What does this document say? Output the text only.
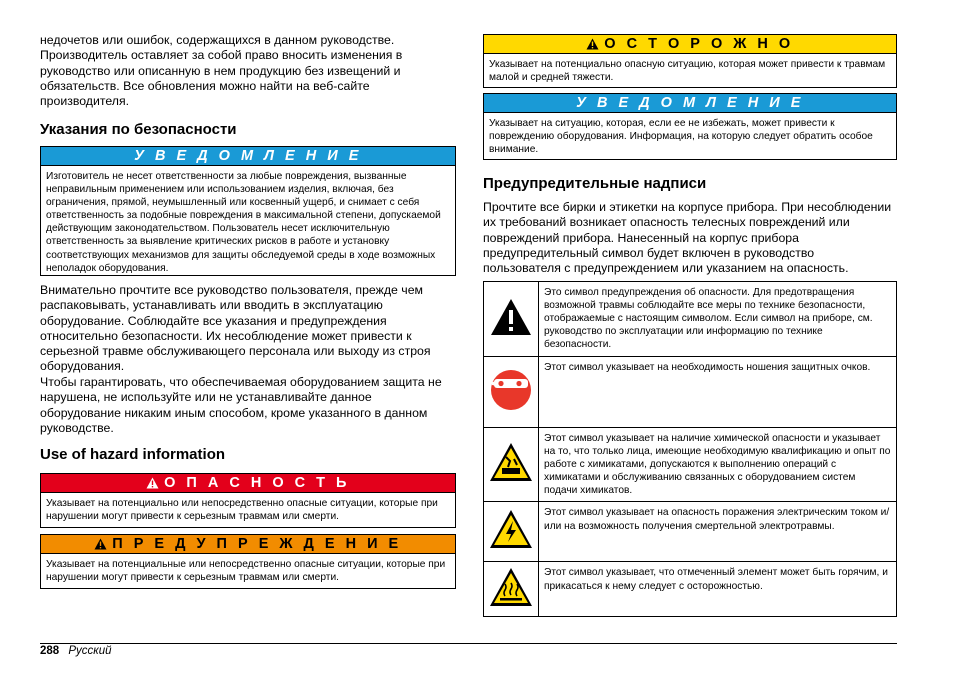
недочетов или ошибок, содержащихся в данном руководстве. Производитель оставляет за собой право вносить изменения в руководство или описанную в нем продукцию без извещений и обязательств. Все обновления можно найти на веб-сайте производителя.

Указания по безопасности
У В Е Д О М Л Е Н И Е
Изготовитель не несет ответственности за любые повреждения, вызванные неправильным применением или использованием изделия, включая, без ограничения, прямой, неумышленный или косвенный ущерб, и снимает с себя ответственность за подобные повреждения в максимальной степени, допускаемой действующим законодательством. Пользователь несет исключительную ответственность за выявление критических рисков в работе и установку соответствующих механизмов для защиты обследуемой среды в ходе возможных неполадок оборудования.

Внимательно прочтите все руководство пользователя, прежде чем распаковывать, устанавливать или вводить в эксплуатацию оборудование. Соблюдайте все указания и предупреждения относительно безопасности. Их несоблюдение может привести к серьезной травме обслуживающего персонала или выходу из строя оборудования.

Чтобы гарантировать, что обеспечиваемая оборудованием защита не нарушена, не используйте или не устанавливайте данное оборудование никаким иным способом, кроме указанного в данном руководстве.

Use of hazard information
О П А С Н О С Т Ь
Указывает на потенциально или непосредственно опасные ситуации, которые при нарушении могут привести к серьезным травмам или смерти.
П Р Е Д У П Р Е Ж Д Е Н И Е
Указывает на потенциальные или непосредственно опасные ситуации, которые при нарушении могут привести к серьезным травмам или смерти.
О С Т О Р О Ж Н О
Указывает на потенциально опасную ситуацию, которая может привести к травмам малой и средней тяжести.
У В Е Д О М Л Е Н И Е
Указывает на ситуацию, которая, если ее не избежать, может привести к повреждению оборудования. Информация, на которую следует обратить особое внимание.
Предупредительные надписи

Прочтите все бирки и этикетки на корпусе прибора. При несоблюдении их требований возникает опасность телесных повреждений или повреждений прибора. Нанесенный на корпус прибора предупредительный символ будет включен в руководство пользователя с предупреждением или указанием на опасность.

	Это символ предупреждения об опасности. Для предотвращения возможной травмы соблюдайте все меры по технике безопасности, отображаемые с настоящим символом. Если символ на приборе, см. руководство по эксплуатации или информацию по технике безопасности.
	Этот символ указывает на необходимость ношения защитных очков.
	Этот символ указывает на наличие химической опасности и указывает на то, что только лица, имеющие необходимую квалификацию и опыт по работе с химикатами, допускаются к выполнению операций с химикатами и обслуживанию связанных с оборудованием систем подачи химикатов.
	Этот символ указывает на опасность поражения электрическим током и/или на возможность получения смертельной электротравмы.
	Этот символ указывает, что отмеченный элемент может быть горячим, и прикасаться к нему следует с осторожностью.
288 Русский
